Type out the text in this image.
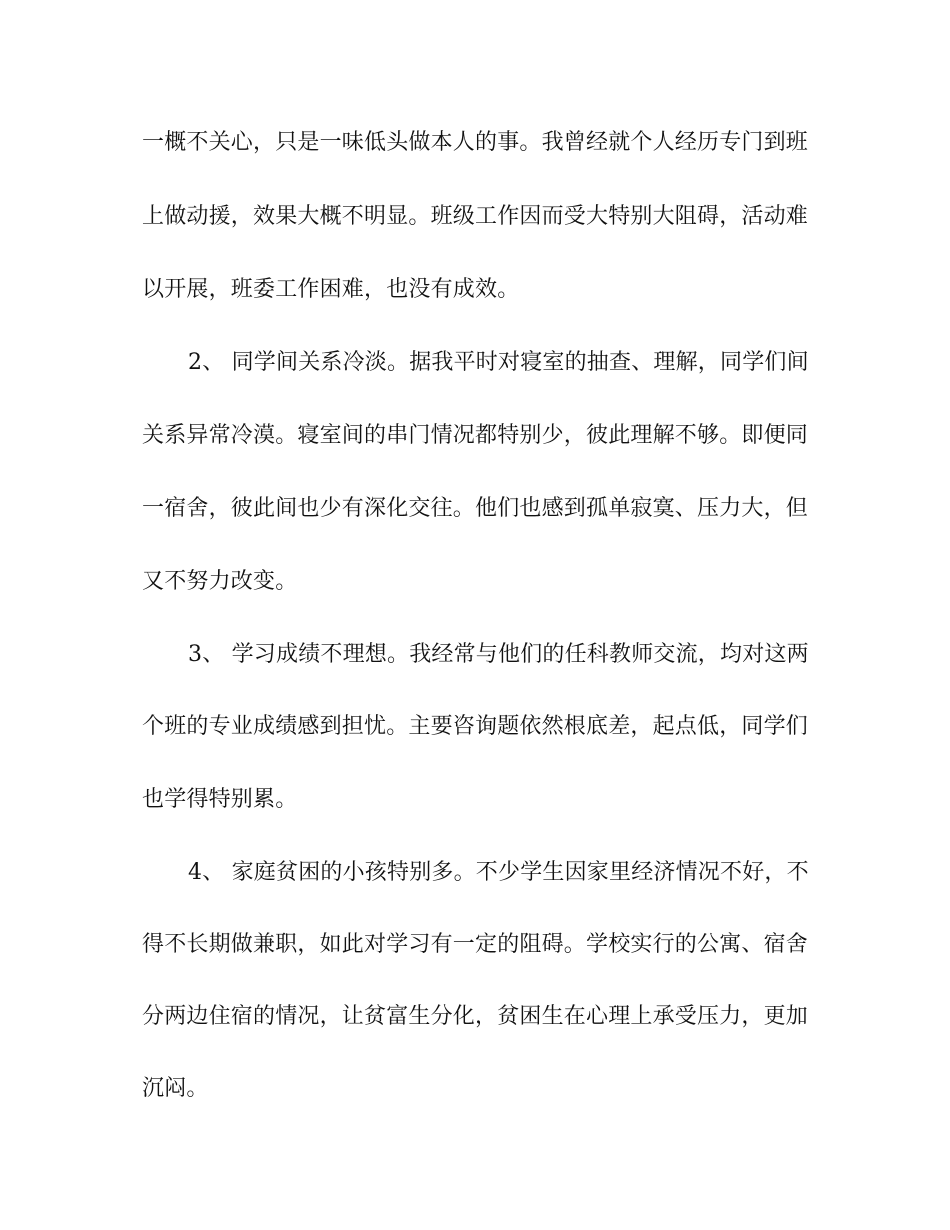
一概不关心，只是一味低头做本人的事。我曾经就个人经历专门到班
上做动援，效果大概不明显。班级工作因而受大特别大阻碍，活动难
以开展，班委工作困难，也没有成效。
2、 同学间关系冷淡。据我平时对寝室的抽查、理解，同学们间
关系异常冷漠。寝室间的串门情况都特别少，彼此理解不够。即便同
一宿舍，彼此间也少有深化交往。他们也感到孤单寂寞、压力大，但
又不努力改变。
3、 学习成绩不理想。我经常与他们的任科教师交流，均对这两
个班的专业成绩感到担忧。主要咨询题依然根底差，起点低，同学们
也学得特别累。
4、 家庭贫困的小孩特别多。不少学生因家里经济情况不好，不
得不长期做兼职，如此对学习有一定的阻碍。学校实行的公寓、宿舍
分两边住宿的情况，让贫富生分化，贫困生在心理上承受压力，更加
沉闷。
